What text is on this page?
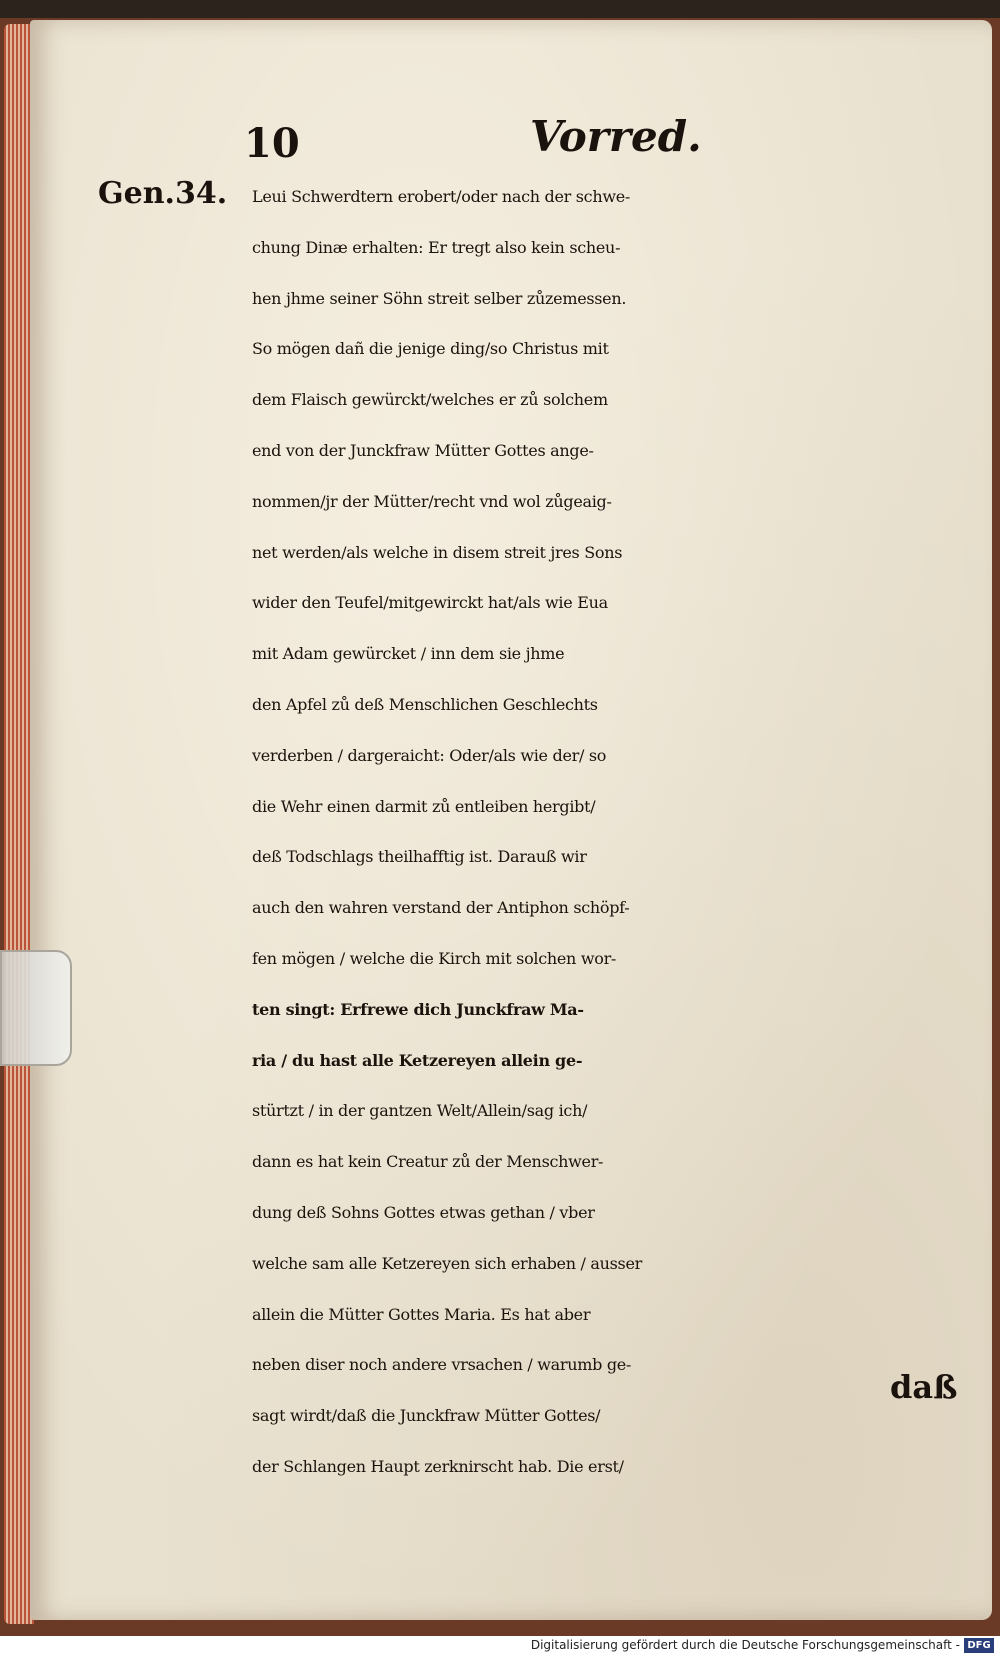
10	Vorred.
Gen.34. Leui Schwerdtern erobert/oder nach der schwe-
chung Dinæ erhalten: Er tregt also kein scheu-
hen jhme seiner Söhn streit selber zůzemessen.
So mögen dañ die jenige ding/so Christus mit
dem Flaisch gewürckt/welches er zů solchem
end von der Junckfraw Mütter Gottes ange-
nommen/jr der Mütter/recht vnd wol zůgeaig-
net werden/als welche in disem streit jres Sons
wider den Teufel/mitgewirckt hat/als wie Eua
mit Adam gewürcket / inn dem sie jhme
den Apfel zů deß Menschlichen Geschlechts
verderben / dargeraicht: Oder/als wie der/ so
die Wehr einen darmit zů entleiben hergibt/
deß Todschlags theilhafftig ist. Darauß wir
auch den wahren verstand der Antiphon schöpf-
fen mögen / welche die Kirch mit solchen wor-
ten singt: Erfrewe dich Junckfraw Ma-
ria / du hast alle Ketzereyen allein ge-
stürtzt / in der gantzen Welt/Allein/sag ich/
dann es hat kein Creatur zů der Menschwer-
dung deß Sohns Gottes etwas gethan / vber
welche sam alle Ketzereyen sich erhaben / ausser
allein die Mütter Gottes Maria. Es hat aber
neben diser noch andere vrsachen / warumb ge-
sagt wirdt/daß die Junckfraw Mütter Gottes/
der Schlangen Haupt zerknirscht hab. Die erst/
daß
Digitalisierung gefördert durch die Deutsche Forschungsgemeinschaft - DFG
